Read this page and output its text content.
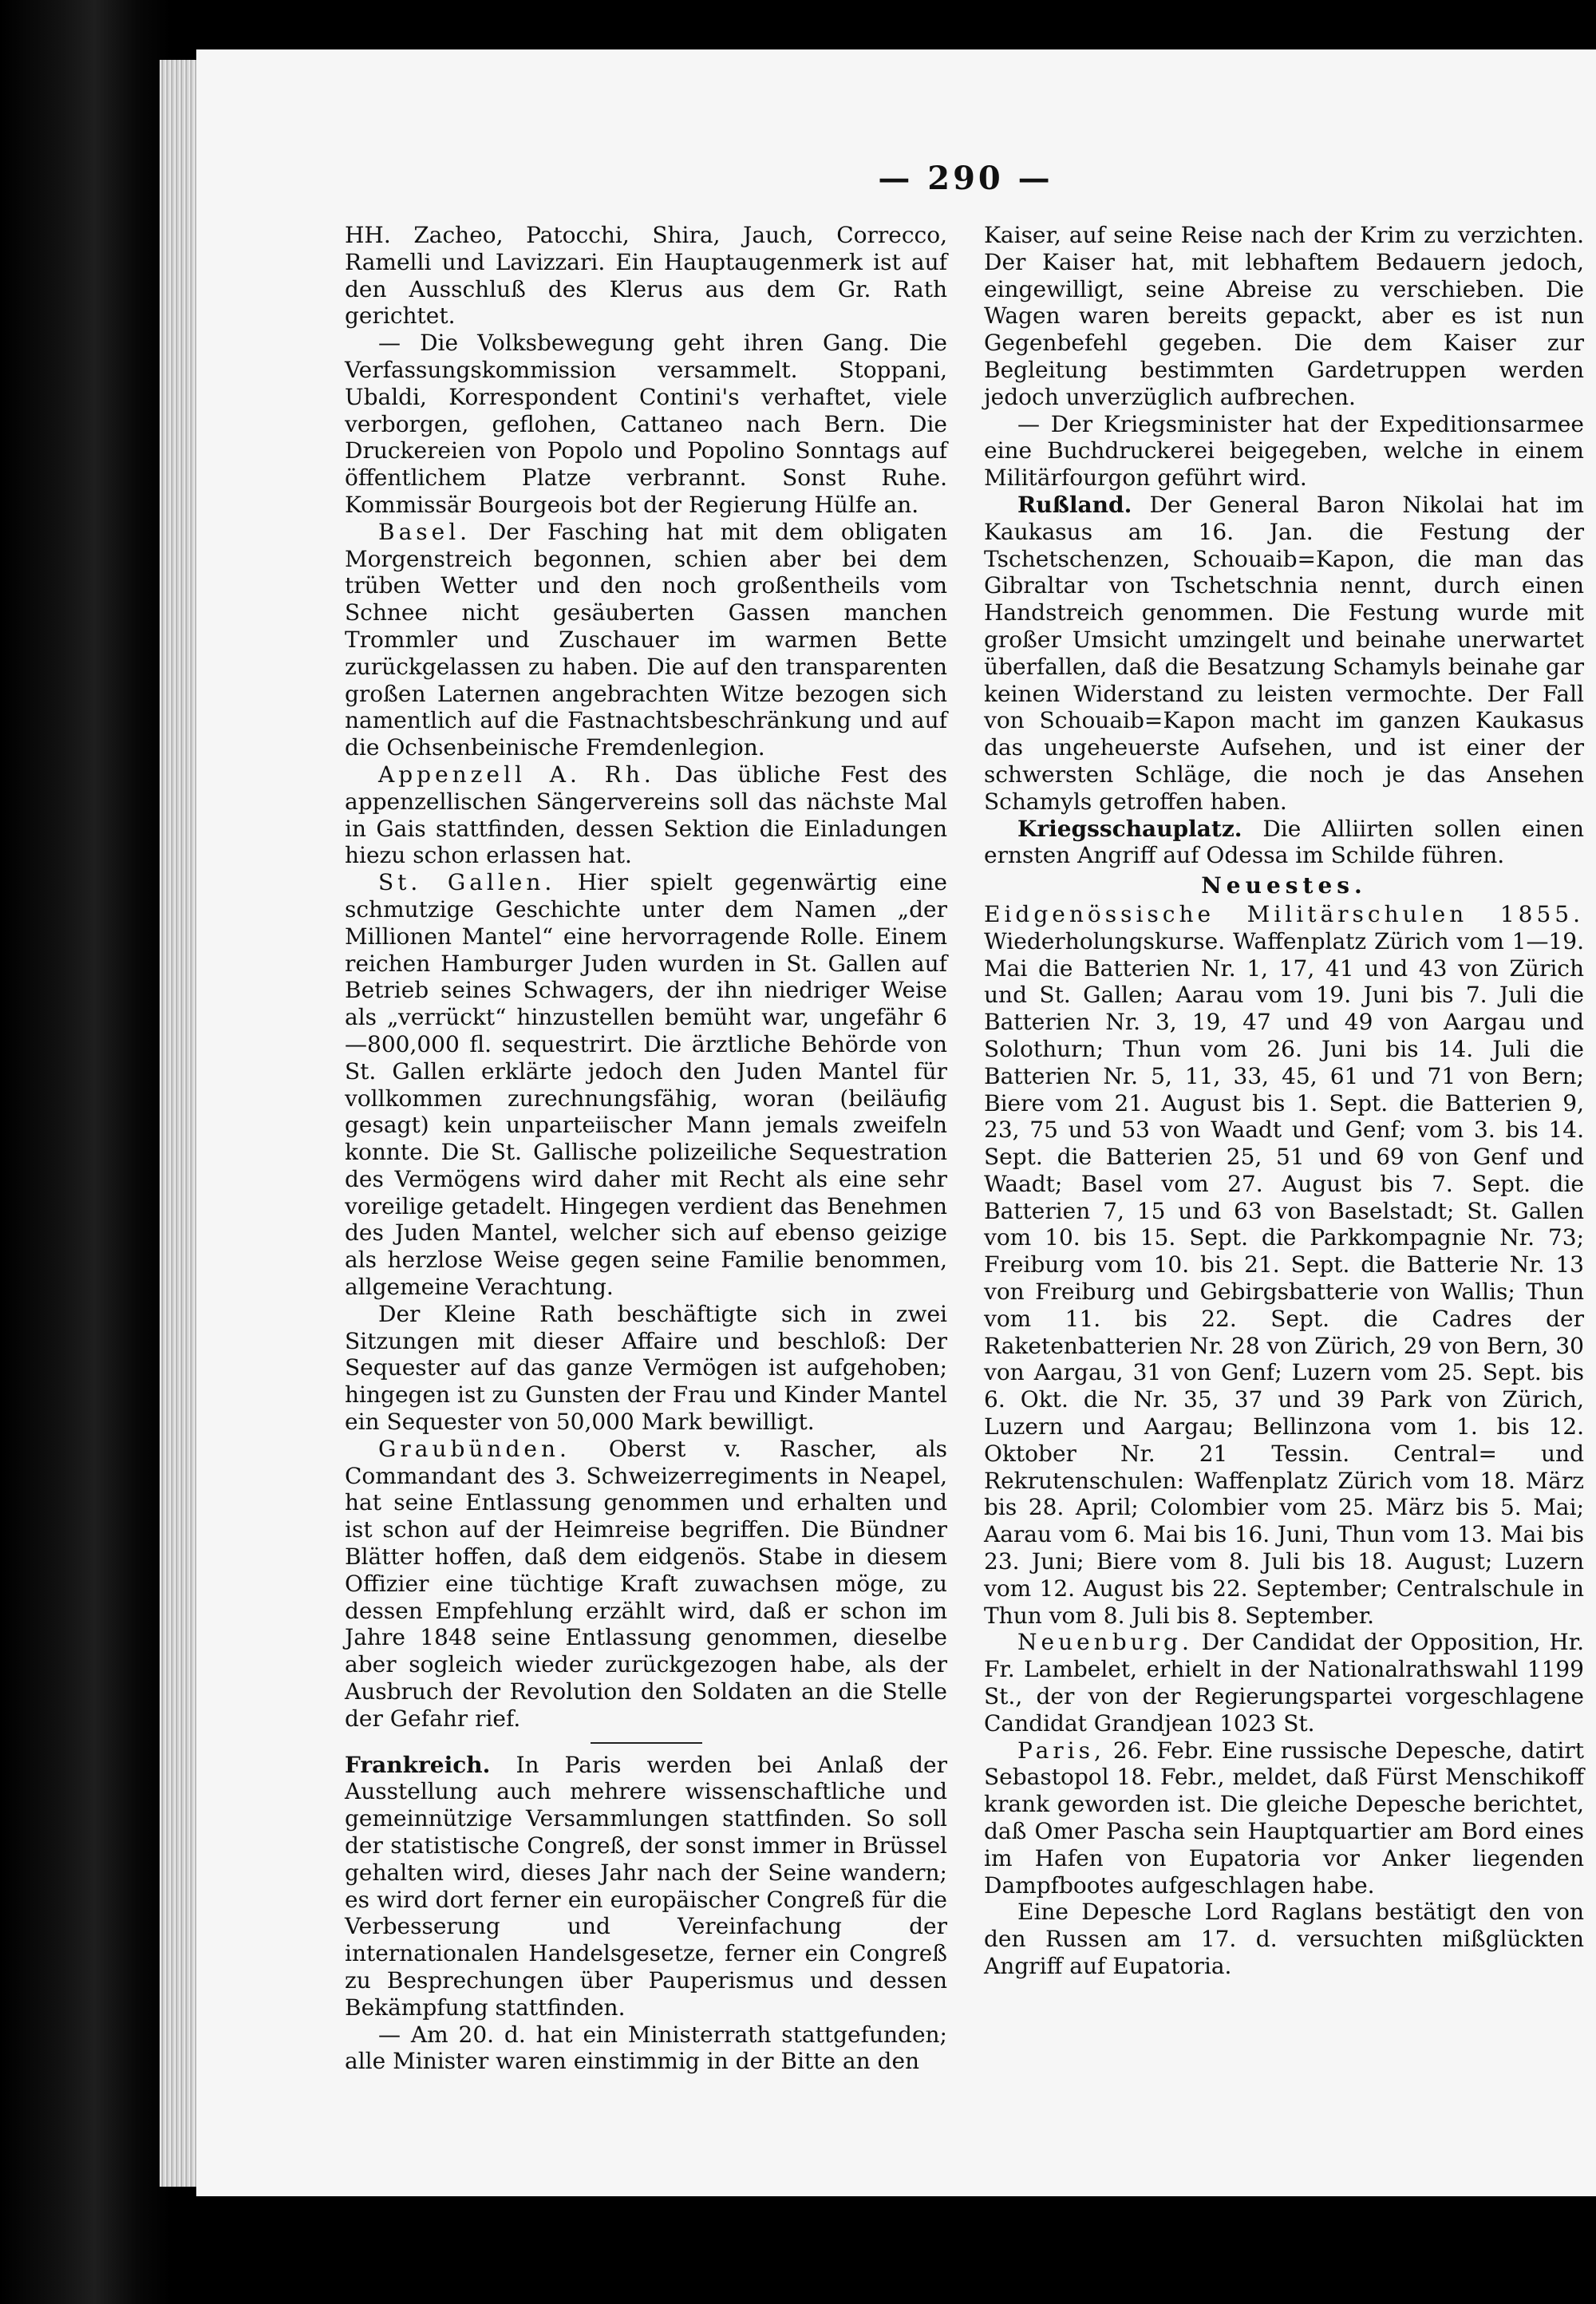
— 290 —

HH. Zacheo, Patocchi, Shira, Jauch, Correcco, Ramelli und Lavizzari. Ein Hauptaugenmerk ist auf den Ausschluß des Klerus aus dem Gr. Rath gerichtet.

— Die Volksbewegung geht ihren Gang. Die Verfassungskommission versammelt. Stoppani, Ubaldi, Korrespondent Contini's verhaftet, viele verborgen, geflohen, Cattaneo nach Bern. Die Druckereien von Popolo und Popolino Sonntags auf öffentlichem Platze verbrannt. Sonst Ruhe. Kommissär Bourgeois bot der Regierung Hülfe an.

Basel. Der Fasching hat mit dem obligaten Morgenstreich begonnen, schien aber bei dem trüben Wetter und den noch großentheils vom Schnee nicht gesäuberten Gassen manchen Trommler und Zuschauer im warmen Bette zurückgelassen zu haben. Die auf den transparenten großen Laternen angebrachten Witze bezogen sich namentlich auf die Fastnachtsbeschränkung und auf die Ochsenbeinische Fremdenlegion.

Appenzell A. Rh. Das übliche Fest des appenzellischen Sängervereins soll das nächste Mal in Gais stattfinden, dessen Sektion die Einladungen hiezu schon erlassen hat.

St. Gallen. Hier spielt gegenwärtig eine schmutzige Geschichte unter dem Namen „der Millionen Mantel“ eine hervorragende Rolle. Einem reichen Hamburger Juden wurden in St. Gallen auf Betrieb seines Schwagers, der ihn niedriger Weise als „verrückt“ hinzustellen bemüht war, ungefähr 6—800,000 fl. sequestrirt. Die ärztliche Behörde von St. Gallen erklärte jedoch den Juden Mantel für vollkommen zurechnungsfähig, woran (beiläufig gesagt) kein unparteiischer Mann jemals zweifeln konnte. Die St. Gallische polizeiliche Sequestration des Vermögens wird daher mit Recht als eine sehr voreilige getadelt. Hingegen verdient das Benehmen des Juden Mantel, welcher sich auf ebenso geizige als herzlose Weise gegen seine Familie benommen, allgemeine Verachtung.

Der Kleine Rath beschäftigte sich in zwei Sitzungen mit dieser Affaire und beschloß: Der Sequester auf das ganze Vermögen ist aufgehoben; hingegen ist zu Gunsten der Frau und Kinder Mantel ein Sequester von 50,000 Mark bewilligt.

Graubünden. Oberst v. Rascher, als Commandant des 3. Schweizerregiments in Neapel, hat seine Entlassung genommen und erhalten und ist schon auf der Heimreise begriffen. Die Bündner Blätter hoffen, daß dem eidgenös. Stabe in diesem Offizier eine tüchtige Kraft zuwachsen möge, zu dessen Empfehlung erzählt wird, daß er schon im Jahre 1848 seine Entlassung genommen, dieselbe aber sogleich wieder zurückgezogen habe, als der Ausbruch der Revolution den Soldaten an die Stelle der Gefahr rief.

Frankreich. In Paris werden bei Anlaß der Ausstellung auch mehrere wissenschaftliche und gemeinnützige Versammlungen stattfinden. So soll der statistische Congreß, der sonst immer in Brüssel gehalten wird, dieses Jahr nach der Seine wandern; es wird dort ferner ein europäischer Congreß für die Verbesserung und Vereinfachung der internationalen Handelsgesetze, ferner ein Congreß zu Besprechungen über Pauperismus und dessen Bekämpfung stattfinden.

— Am 20. d. hat ein Ministerrath stattgefunden; alle Minister waren einstimmig in der Bitte an den

Kaiser, auf seine Reise nach der Krim zu verzichten. Der Kaiser hat, mit lebhaftem Bedauern jedoch, eingewilligt, seine Abreise zu verschieben. Die Wagen waren bereits gepackt, aber es ist nun Gegenbefehl gegeben. Die dem Kaiser zur Begleitung bestimmten Gardetruppen werden jedoch unverzüglich aufbrechen.

— Der Kriegsminister hat der Expeditionsarmee eine Buchdruckerei beigegeben, welche in einem Militärfourgon geführt wird.

Rußland. Der General Baron Nikolai hat im Kaukasus am 16. Jan. die Festung der Tschetschenzen, Schouaib=Kapon, die man das Gibraltar von Tschetschnia nennt, durch einen Handstreich genommen. Die Festung wurde mit großer Umsicht umzingelt und beinahe unerwartet überfallen, daß die Besatzung Schamyls beinahe gar keinen Widerstand zu leisten vermochte. Der Fall von Schouaib=Kapon macht im ganzen Kaukasus das ungeheuerste Aufsehen, und ist einer der schwersten Schläge, die noch je das Ansehen Schamyls getroffen haben.

Kriegsschauplatz. Die Alliirten sollen einen ernsten Angriff auf Odessa im Schilde führen.

Neuestes.

Eidgenössische Militärschulen 1855. Wiederholungskurse. Waffenplatz Zürich vom 1—19. Mai die Batterien Nr. 1, 17, 41 und 43 von Zürich und St. Gallen; Aarau vom 19. Juni bis 7. Juli die Batterien Nr. 3, 19, 47 und 49 von Aargau und Solothurn; Thun vom 26. Juni bis 14. Juli die Batterien Nr. 5, 11, 33, 45, 61 und 71 von Bern; Biere vom 21. August bis 1. Sept. die Batterien 9, 23, 75 und 53 von Waadt und Genf; vom 3. bis 14. Sept. die Batterien 25, 51 und 69 von Genf und Waadt; Basel vom 27. August bis 7. Sept. die Batterien 7, 15 und 63 von Baselstadt; St. Gallen vom 10. bis 15. Sept. die Parkkompagnie Nr. 73; Freiburg vom 10. bis 21. Sept. die Batterie Nr. 13 von Freiburg und Gebirgsbatterie von Wallis; Thun vom 11. bis 22. Sept. die Cadres der Raketenbatterien Nr. 28 von Zürich, 29 von Bern, 30 von Aargau, 31 von Genf; Luzern vom 25. Sept. bis 6. Okt. die Nr. 35, 37 und 39 Park von Zürich, Luzern und Aargau; Bellinzona vom 1. bis 12. Oktober Nr. 21 Tessin. Central= und Rekrutenschulen: Waffenplatz Zürich vom 18. März bis 28. April; Colombier vom 25. März bis 5. Mai; Aarau vom 6. Mai bis 16. Juni, Thun vom 13. Mai bis 23. Juni; Biere vom 8. Juli bis 18. August; Luzern vom 12. August bis 22. September; Centralschule in Thun vom 8. Juli bis 8. September.

Neuenburg. Der Candidat der Opposition, Hr. Fr. Lambelet, erhielt in der Nationalrathswahl 1199 St., der von der Regierungspartei vorgeschlagene Candidat Grandjean 1023 St.

Paris, 26. Febr. Eine russische Depesche, datirt Sebastopol 18. Febr., meldet, daß Fürst Menschikoff krank geworden ist. Die gleiche Depesche berichtet, daß Omer Pascha sein Hauptquartier am Bord eines im Hafen von Eupatoria vor Anker liegenden Dampfbootes aufgeschlagen habe.

Eine Depesche Lord Raglans bestätigt den von den Russen am 17. d. versuchten mißglückten Angriff auf Eupatoria.
